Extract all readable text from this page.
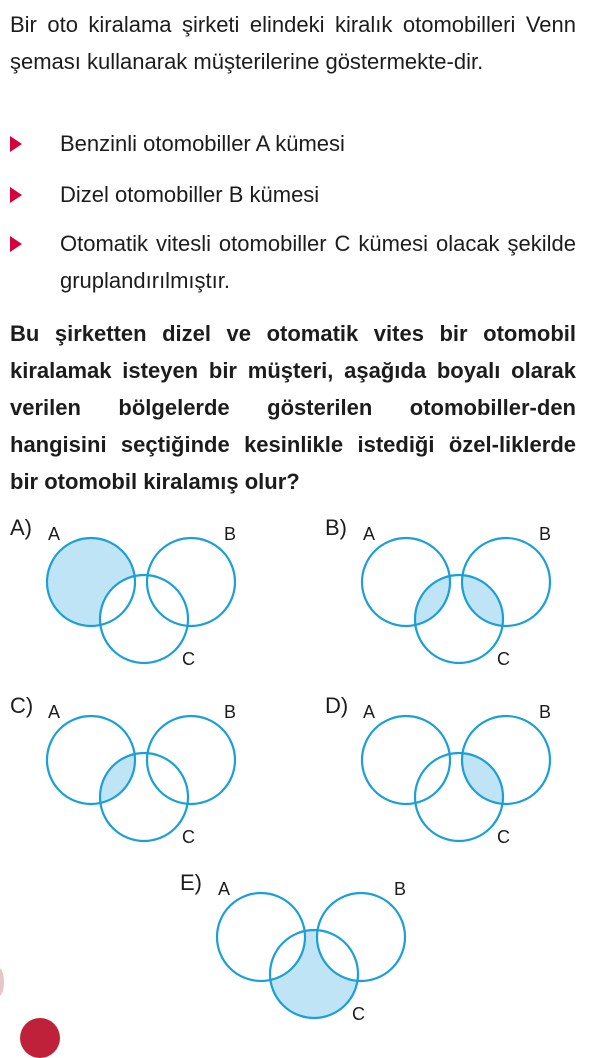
Bir oto kiralama şirketi elindeki kiralık otomobilleri Venn şeması kullanarak müşterilerine göstermekte-dir.

Benzinli otomobiller A kümesi
Dizel otomobiller B kümesi
Otomatik vitesli otomobiller C kümesi olacak şekilde gruplandırılmıştır.

Bu şirketten dizel ve otomatik vites bir otomobil kiralamak isteyen bir müşteri, aşağıda boyalı olarak verilen bölgelerde gösterilen otomobiller-den hangisini seçtiğinde kesinlikle istediği özel-liklerde bir otomobil kiralamış olur?

A) A	B
C
B) A	B
C
C) A	B
C
D) A	B
C
E) A	B
C
